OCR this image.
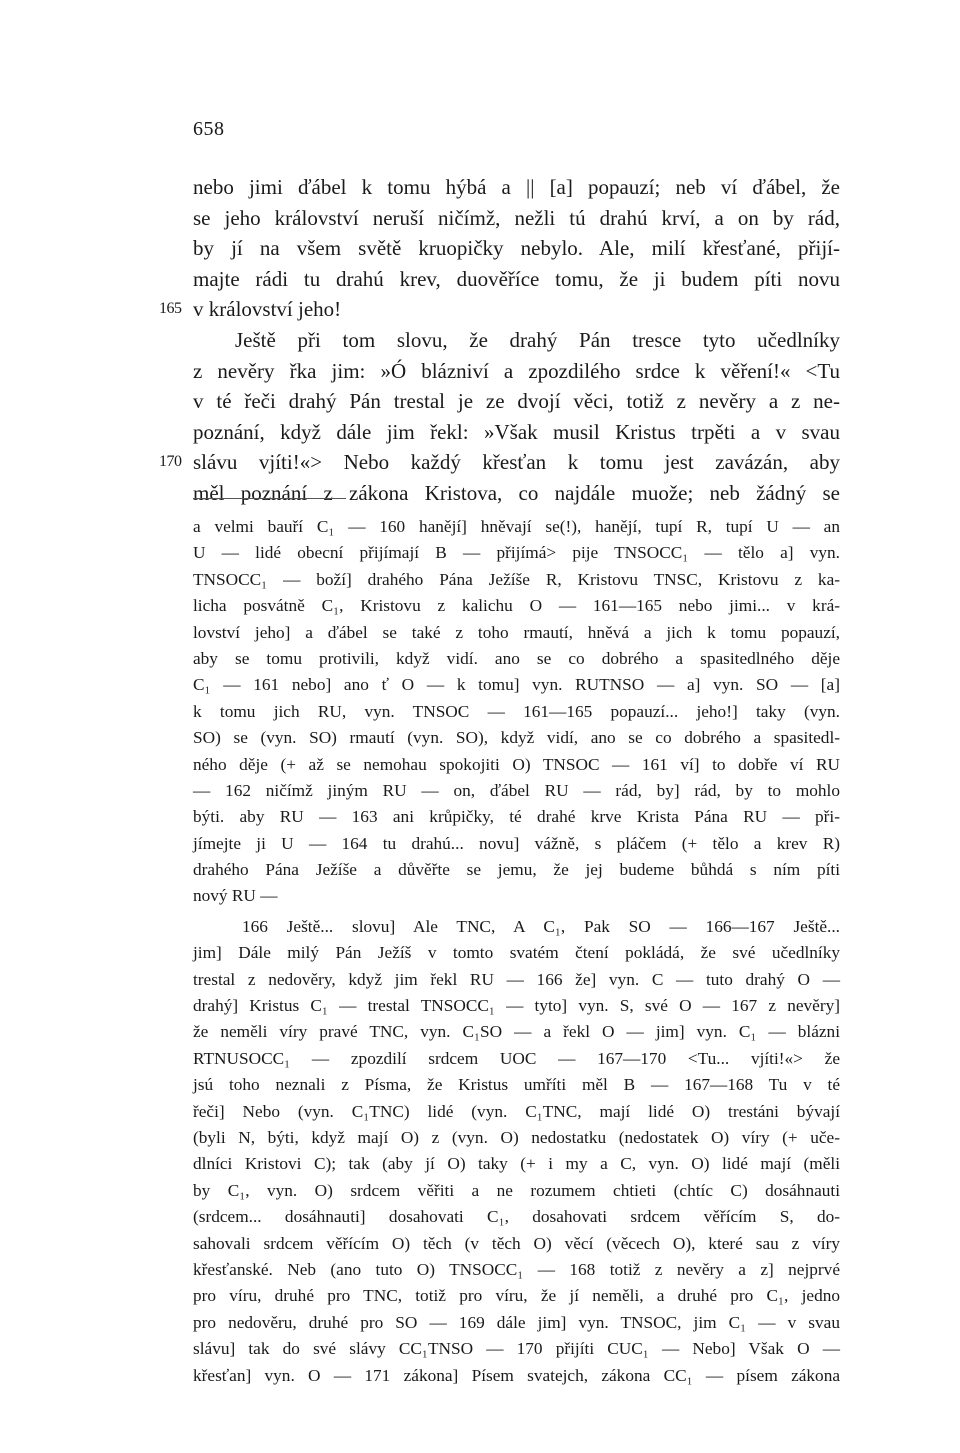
658
nebo jimi ďábel k tomu hýbá a || [a] popauzí; neb ví ďábel, že
se jeho království neruší ničímž, nežli tú drahú krví, a on by rád,
by jí na všem světě kruopičky nebylo. Ale, milí křesťané, přijí-
majte rádi tu drahú krev, duověříce tomu, že ji budem píti novu
165 v království jeho!
Ještě při tom slovu, že drahý Pán tresce tyto učedlníky
z nevěry řka jim: »Ó blázniví a zpozdilého srdce k věření!« <Tu
v té řeči drahý Pán trestal je ze dvojí věci, totiž z nevěry a z ne-
poznání, když dále jim řekl: »Však musil Kristus trpěti a v svau
170 slávu vjíti!«> Nebo každý křesťan k tomu jest zavázán, aby
měl poznání z zákona Kristova, co najdále muože; neb žádný se
a velmi bauří C₁ — 160 hanějí] hněvají se(!), hanějí, tupí R, tupí U — an
U — lidé obecní přijímají B — přijímá> pije TNSOCC₁ — tělo a] vyn.
TNSOCC₁ — boží] drahého Pána Ježíše R, Kristovu TNSC, Kristovu z ka-
licha posvátně C₁, Kristovu z kalichu O — 161—165 nebo jimi... v krá-
lovství jeho] a ďábel se také z toho rmautí, hněvá a jich k tomu popauzí,
aby se tomu protivili, když vidí. ano se co dobrého a spasitedlného děje
C₁ — 161 nebo] ano ť O — k tomu] vyn. RUTNSO — a] vyn. SO — [a]
k tomu jich RU, vyn. TNSOC — 161—165 popauzí... jeho!] taky (vyn.
SO) se (vyn. SO) rmautí (vyn. SO), když vidí, ano se co dobrého a spasitedl-
ného děje (+ až se nemohau spokojiti O) TNSOC — 161 ví] to dobře ví RU
— 162 ničímž jiným RU — on, ďábel RU — rád, by] rád, by to mohlo
býti. aby RU — 163 ani krůpičky, té drahé krve Krista Pána RU — při-
jímejte ji U — 164 tu drahú... novu] vážně, s pláčem (+ tělo a krev R)
drahého Pána Ježíše a důvěřte se jemu, že jej budeme bůhdá s ním píti
nový RU —
166 Ještě... slovu] Ale TNC, A C₁, Pak SO — 166—167 Ještě...
jim] Dále milý Pán Ježíš v tomto svatém čtení pokládá, že své učedlníky
trestal z nedověry, když jim řekl RU — 166 že] vyn. C — tuto drahý O —
drahý] Kristus C₁ — trestal TNSOCC₁ — tyto] vyn. S, své O — 167 z nevěry]
že neměli víry pravé TNC, vyn. C₁SO — a řekl O — jim] vyn. C₁ — blázni
RTNUSOCC₁ — zpozdilí srdcem UOC — 167—170 <Tu... vjíti!«> že
jsú toho neznali z Písma, že Kristus umříti měl B — 167—168 Tu v té
řeči] Nebo (vyn. C₁TNC) lidé (vyn. C₁TNC, mají lidé O) trestáni bývají
(byli N, býti, když mají O) z (vyn. O) nedostatku (nedostatek O) víry (+ uče-
dlníci Kristovi C); tak (aby jí O) taky (+ i my a C, vyn. O) lidé mají (měli
by C₁, vyn. O) srdcem věřiti a ne rozumem chtieti (chtíc C) dosáhnauti
(srdcem... dosáhnauti] dosahovati C₁, dosahovati srdcem věřícím S, do-
sahovali srdcem věřícím O) těch (v těch O) věcí (věcech O), které sau z víry
křesťanské. Neb (ano tuto O) TNSOCC₁ — 168 totiž z nevěry a z] nejprvé
pro víru, druhé pro TNC, totiž pro víru, že jí neměli, a druhé pro C₁, jedno
pro nedověru, druhé pro SO — 169 dále jim] vyn. TNSOC, jim C₁ — v svau
slávu] tak do své slávy CC₁TNSO — 170 přijíti CUC₁ — Nebo] Však O —
křesťan] vyn. O — 171 zákona] Písem svatejch, zákona CC₁ — písem zákona
